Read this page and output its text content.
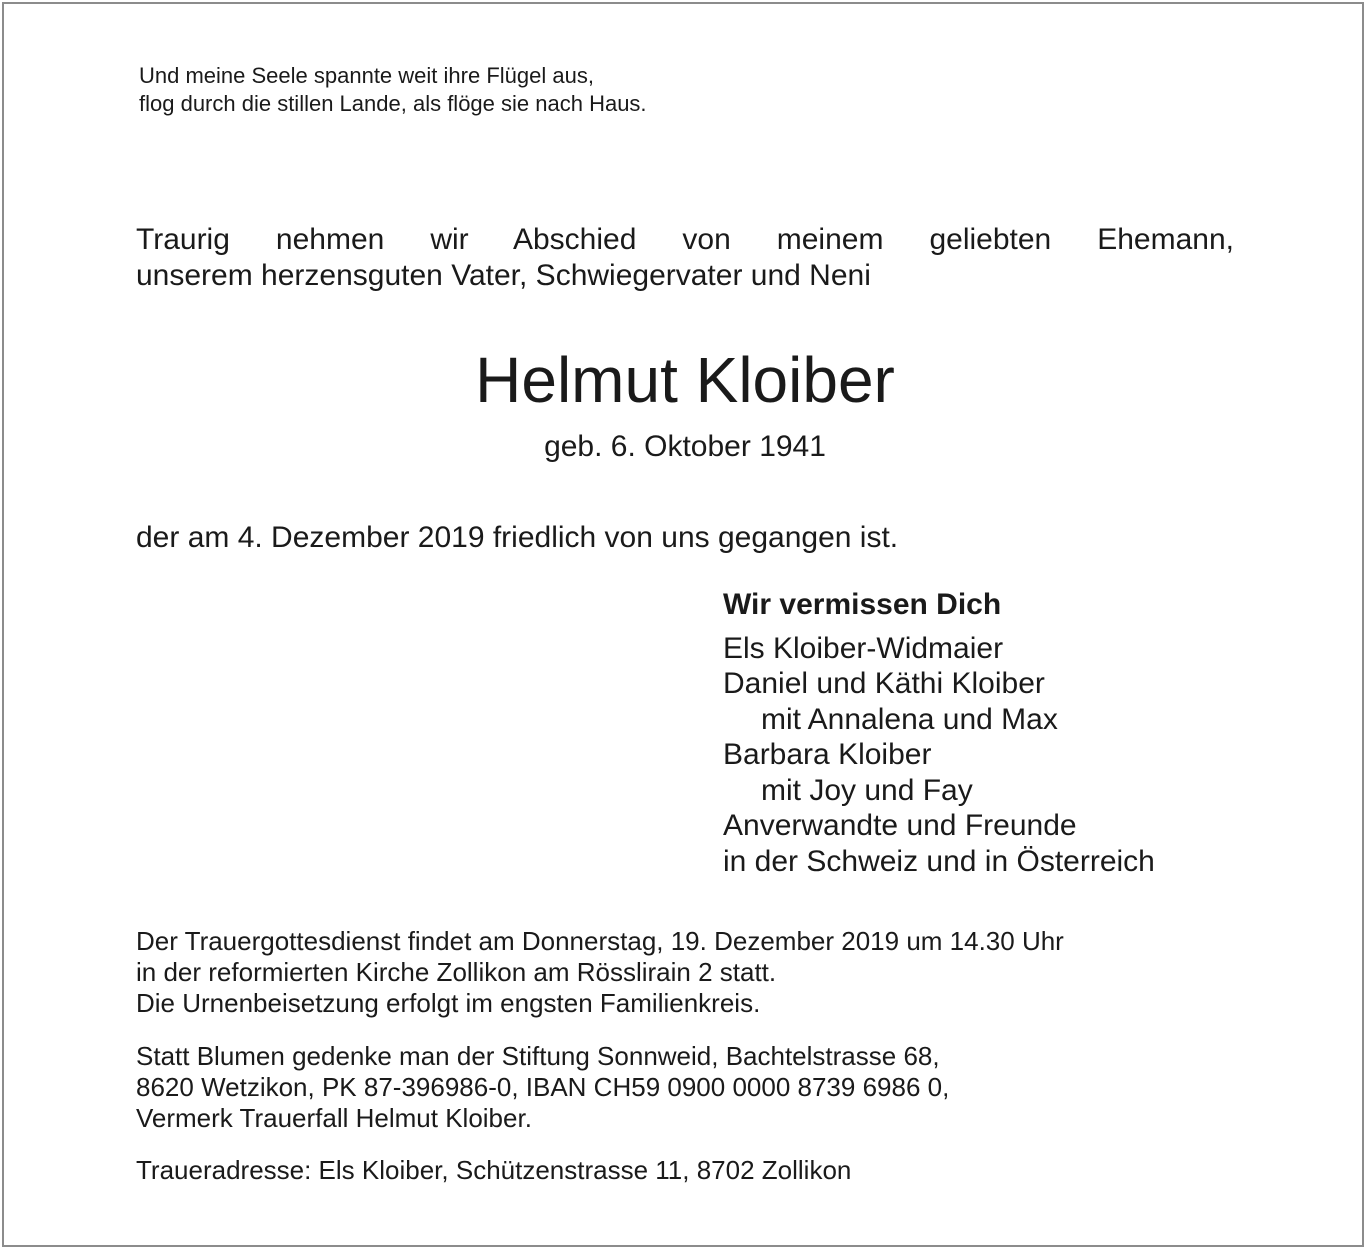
Und meine Seele spannte weit ihre Flügel aus,
flog durch die stillen Lande, als flöge sie nach Haus.
Traurig nehmen wir Abschied von meinem geliebten Ehemann,
unserem herzensguten Vater, Schwiegervater und Neni
Helmut Kloiber
geb. 6. Oktober 1941
der am 4. Dezember 2019 friedlich von uns gegangen ist.
Wir vermissen Dich
Els Kloiber-Widmaier
Daniel und Käthi Kloiber
mit Annalena und Max
Barbara Kloiber
mit Joy und Fay
Anverwandte und Freunde
in der Schweiz und in Österreich
Der Trauergottesdienst findet am Donnerstag, 19. Dezember 2019 um 14.30 Uhr
in der reformierten Kirche Zollikon am Rösslirain 2 statt.
Die Urnenbeisetzung erfolgt im engsten Familienkreis.
Statt Blumen gedenke man der Stiftung Sonnweid, Bachtelstrasse 68,
8620 Wetzikon, PK 87-396986-0, IBAN CH59 0900 0000 8739 6986 0,
Vermerk Trauerfall Helmut Kloiber.
Traueradresse: Els Kloiber, Schützenstrasse 11, 8702 Zollikon
